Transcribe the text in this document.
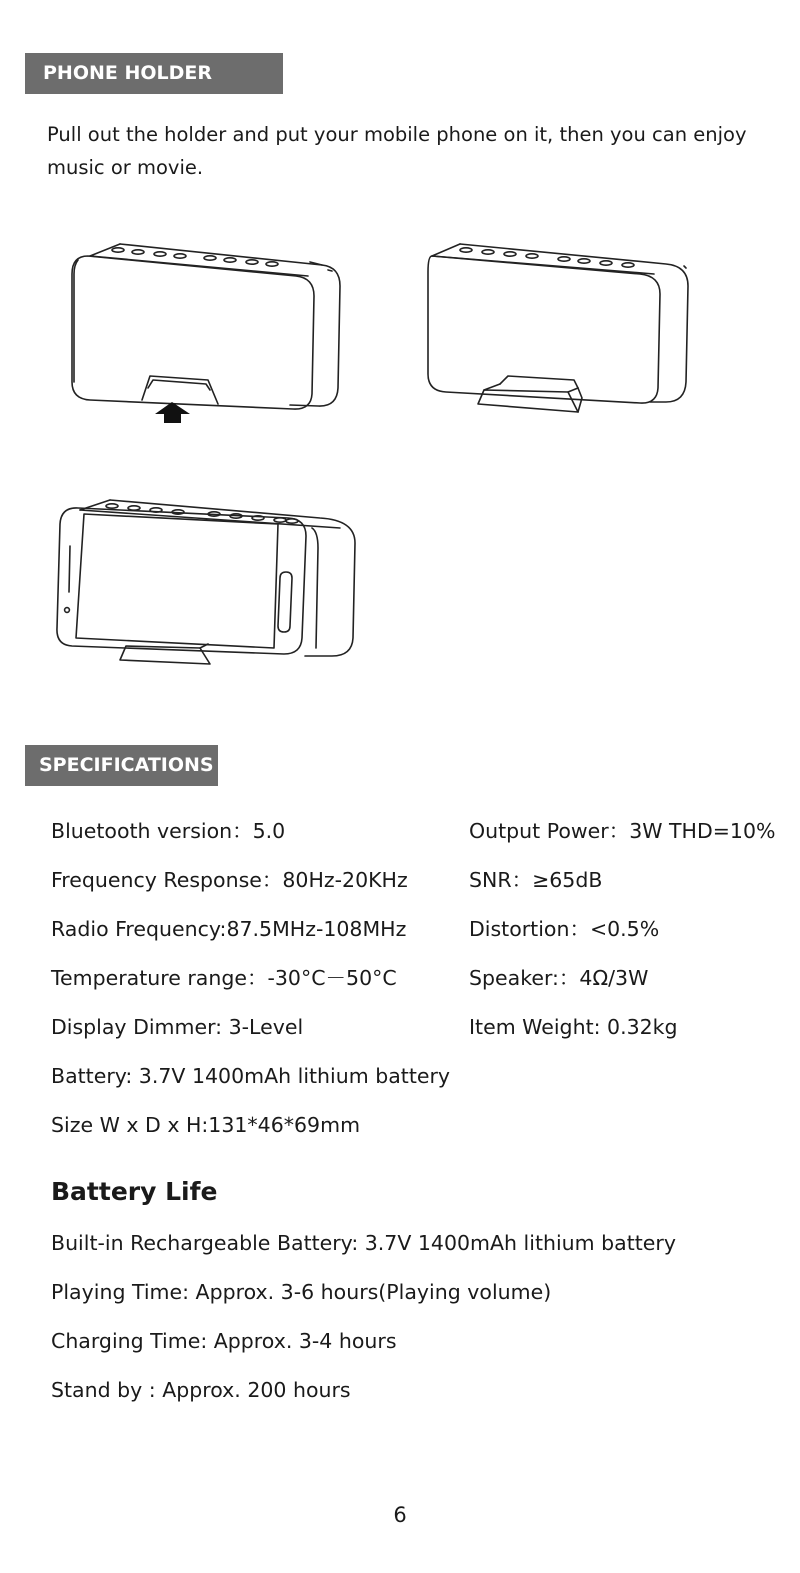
PHONE HOLDER

Pull out the holder and put your mobile phone on it, then you can enjoy music or movie.

SPECIFICATIONS

Bluetooth version：5.0

Frequency Response：80Hz-20KHz

Radio Frequency:87.5MHz-108MHz

Temperature range：-30°C－50°C

Display Dimmer: 3-Level

Battery: 3.7V 1400mAh lithium battery

Size W x D x H:131*46*69mm

Output Power：3W THD=10%

SNR：≥65dB

Distortion：<0.5%

Speaker:：4Ω/3W

Item Weight: 0.32kg

Battery Life

Built-in Rechargeable Battery: 3.7V 1400mAh lithium battery

Playing Time: Approx. 3-6 hours(Playing volume)

Charging Time: Approx. 3-4 hours

Stand by : Approx. 200 hours

6
